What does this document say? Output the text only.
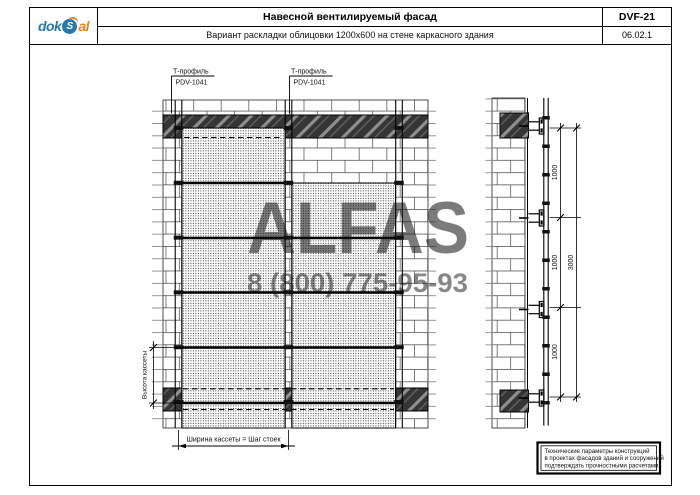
Т-профиль
PDV-1041
Т-профиль
PDV-1041
Высота кассеты
Ширина кассеты = Шаг стоек
1000
1000
1000
3000
Технические параметры конструкций
в проектах фасадов зданий и сооружений
подтверждать прочностными расчетами.
ALFAS
8 (800) 775-95-93
dok S al
Навесной вентилируемый фасад
Вариант раскладки облицовки 1200x600 на стене каркасного здания
DVF-21
06.02.1
